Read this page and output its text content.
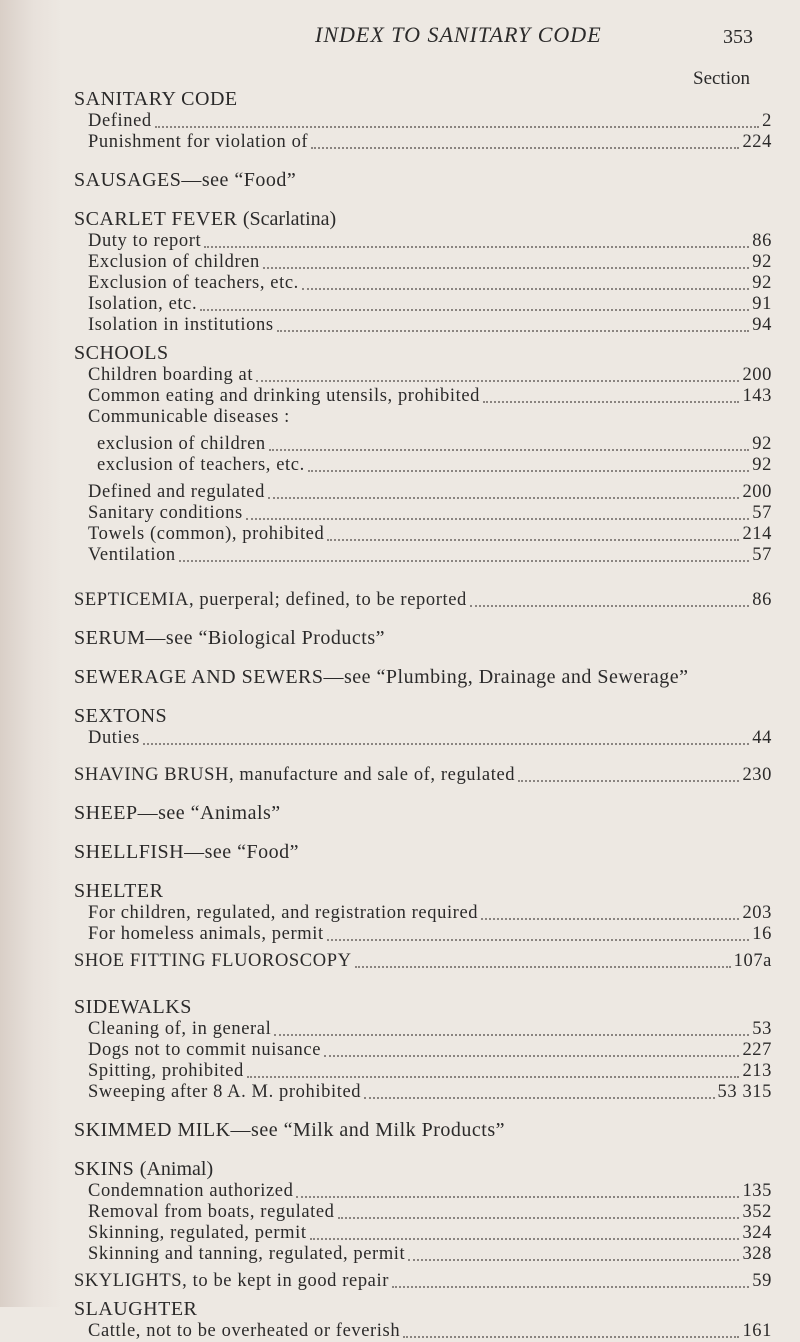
INDEX TO SANITARY CODE	353
Section
SANITARY CODE
Defined	2
Punishment for violation of	224
SAUSAGES—see “Food”
SCARLET FEVER (Scarlatina)
Duty to report	86
Exclusion of children	92
Exclusion of teachers, etc.	92
Isolation, etc.	91
Isolation in institutions	94
SCHOOLS
Children boarding at	200
Common eating and drinking utensils, prohibited	143
Communicable diseases :
exclusion of children	92
exclusion of teachers, etc.	92
Defined and regulated	200
Sanitary conditions	57
Towels (common), prohibited	214
Ventilation	57
SEPTICEMIA, puerperal; defined, to be reported	86
SERUM—see “Biological Products”
SEWERAGE AND SEWERS—see “Plumbing, Drainage and Sewerage”
SEXTONS
Duties	44
SHAVING BRUSH, manufacture and sale of, regulated	230
SHEEP—see “Animals”
SHELLFISH—see “Food”
SHELTER
For children, regulated, and registration required	203
For homeless animals, permit	16
SHOE FITTING FLUOROSCOPY	107a
SIDEWALKS
Cleaning of, in general	53
Dogs not to commit nuisance	227
Spitting, prohibited	213
Sweeping after 8 A. M. prohibited	53 315
SKIMMED MILK—see “Milk and Milk Products”
SKINS (Animal)
Condemnation authorized	135
Removal from boats, regulated	352
Skinning, regulated, permit	324
Skinning and tanning, regulated, permit	328
SKYLIGHTS, to be kept in good repair	59
SLAUGHTER
Cattle, not to be overheated or feverish	161
